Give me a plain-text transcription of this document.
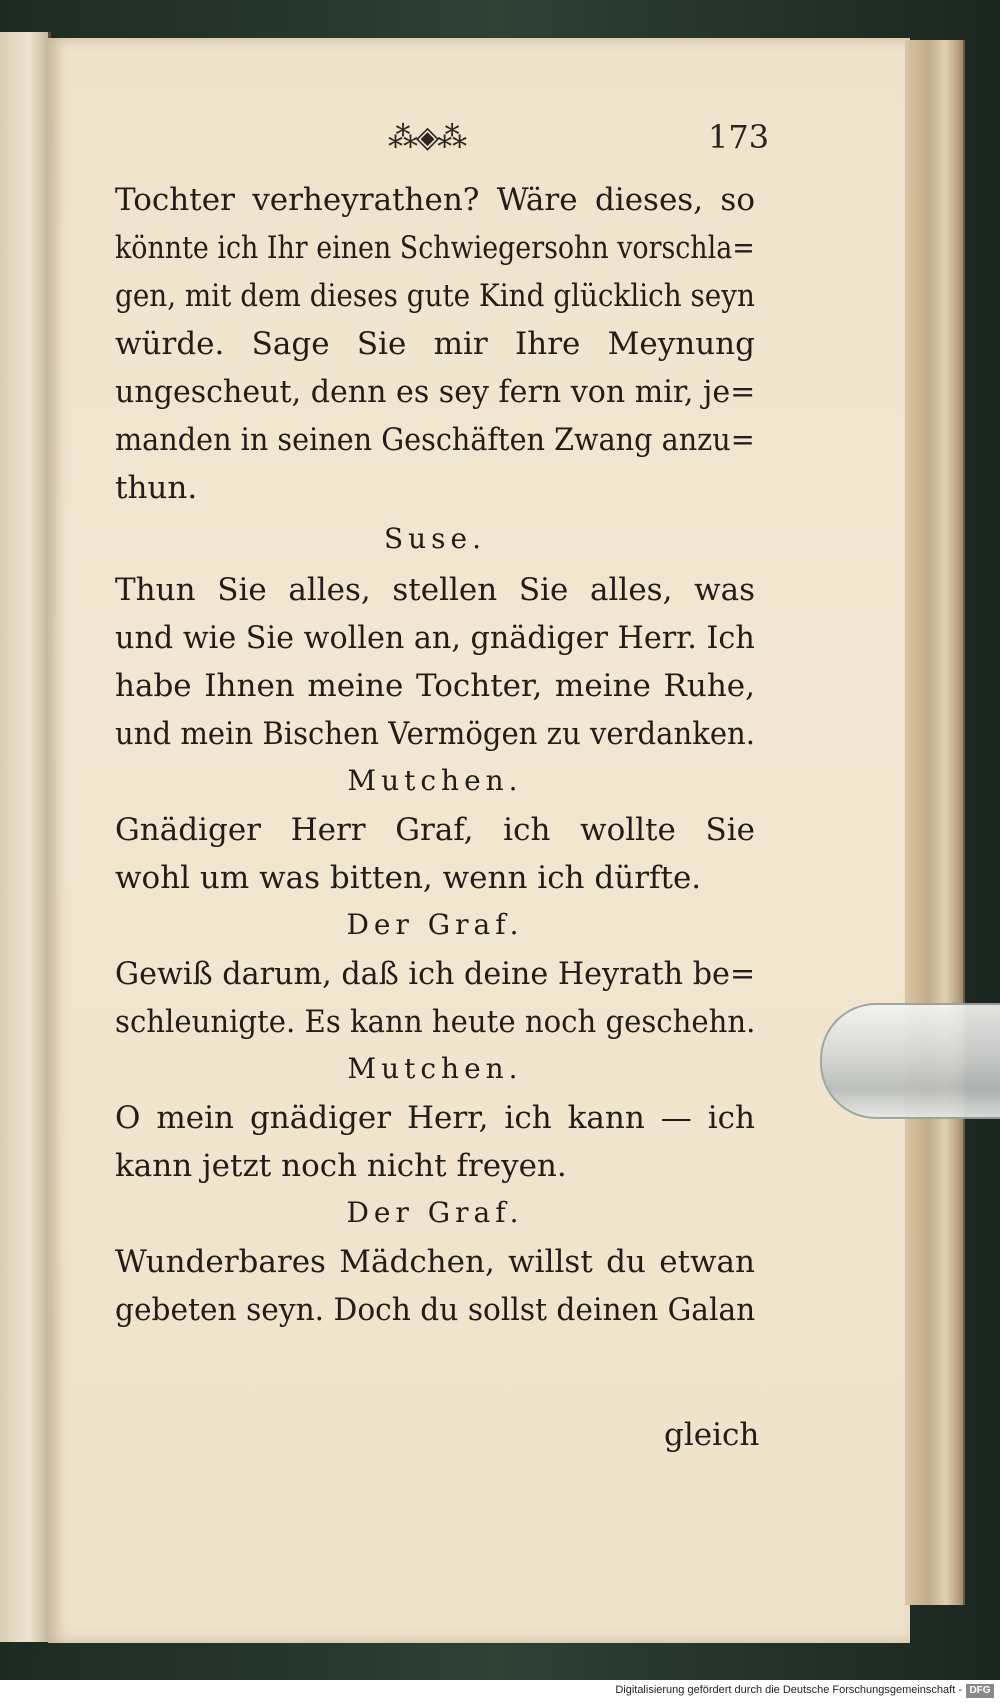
⁂◈⁂	173
Tochter verheyrathen? Wäre dieses, so
könnte ich Ihr einen Schwiegersohn vorschla=
gen, mit dem dieses gute Kind glücklich seyn
würde. Sage Sie mir Ihre Meynung
ungescheut, denn es sey fern von mir, je=
manden in seinen Geschäften Zwang anzu=
thun.
Suse.
Thun Sie alles, stellen Sie alles, was
und wie Sie wollen an, gnädiger Herr. Ich
habe Ihnen meine Tochter, meine Ruhe,
und mein Bischen Vermögen zu verdanken.
Mutchen.
Gnädiger Herr Graf, ich wollte Sie
wohl um was bitten, wenn ich dürfte.
Der Graf.
Gewiß darum, daß ich deine Heyrath be=
schleunigte. Es kann heute noch geschehn.
Mutchen.
O mein gnädiger Herr, ich kann — ich
kann jetzt noch nicht freyen.
Der Graf.
Wunderbares Mädchen, willst du etwan
gebeten seyn. Doch du sollst deinen Galan
gleich
Digitalisierung gefördert durch die Deutsche Forschungsgemeinschaft - DFG
